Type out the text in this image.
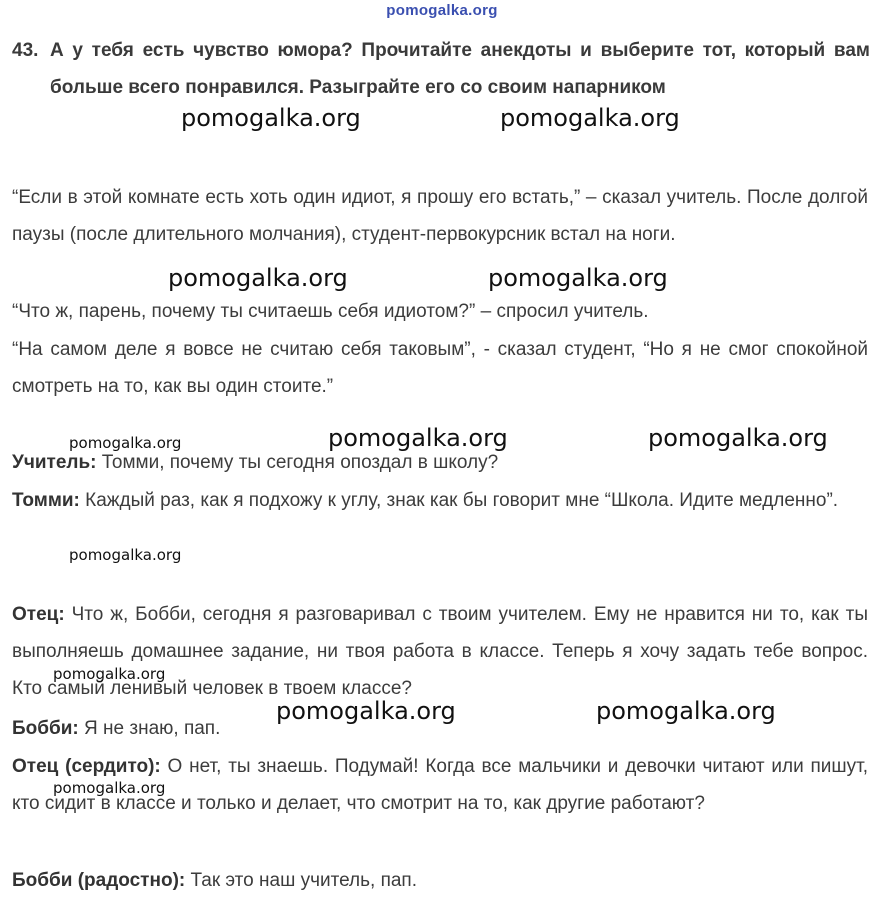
pomogalka.org
43. А у тебя есть чувство юмора? Прочитайте анекдоты и выберите тот, который вам больше всего понравился. Разыграйте его со своим напарником
“Если в этой комнате есть хоть один идиот, я прошу его встать,” – сказал учитель. После долгой паузы (после длительного молчания), студент-первокурсник встал на ноги.
“Что ж, парень, почему ты считаешь себя идиотом?” – спросил учитель.
“На самом деле я вовсе не считаю себя таковым”, - сказал студент, “Но я не смог спокойной смотреть на то, как вы один стоите.”
Учитель: Томми, почему ты сегодня опоздал в школу?
Томми: Каждый раз, как я подхожу к углу, знак как бы говорит мне “Школа. Идите медленно”.
Отец: Что ж, Бобби, сегодня я разговаривал с твоим учителем. Ему не нравится ни то, как ты выполняешь домашнее задание, ни твоя работа в классе. Теперь я хочу задать тебе вопрос. Кто самый ленивый человек в твоем классе?
Бобби: Я не знаю, пап.
Отец (сердито): О нет, ты знаешь. Подумай! Когда все мальчики и девочки читают или пишут, кто сидит в классе и только и делает, что смотрит на то, как другие работают?
Бобби (радостно): Так это наш учитель, пап.
pomogalka.org	pomogalka.org
pomogalka.org	pomogalka.org
pomogalka.org	pomogalka.org	pomogalka.org
pomogalka.org
pomogalka.org
pomogalka.org	pomogalka.org
pomogalka.org
